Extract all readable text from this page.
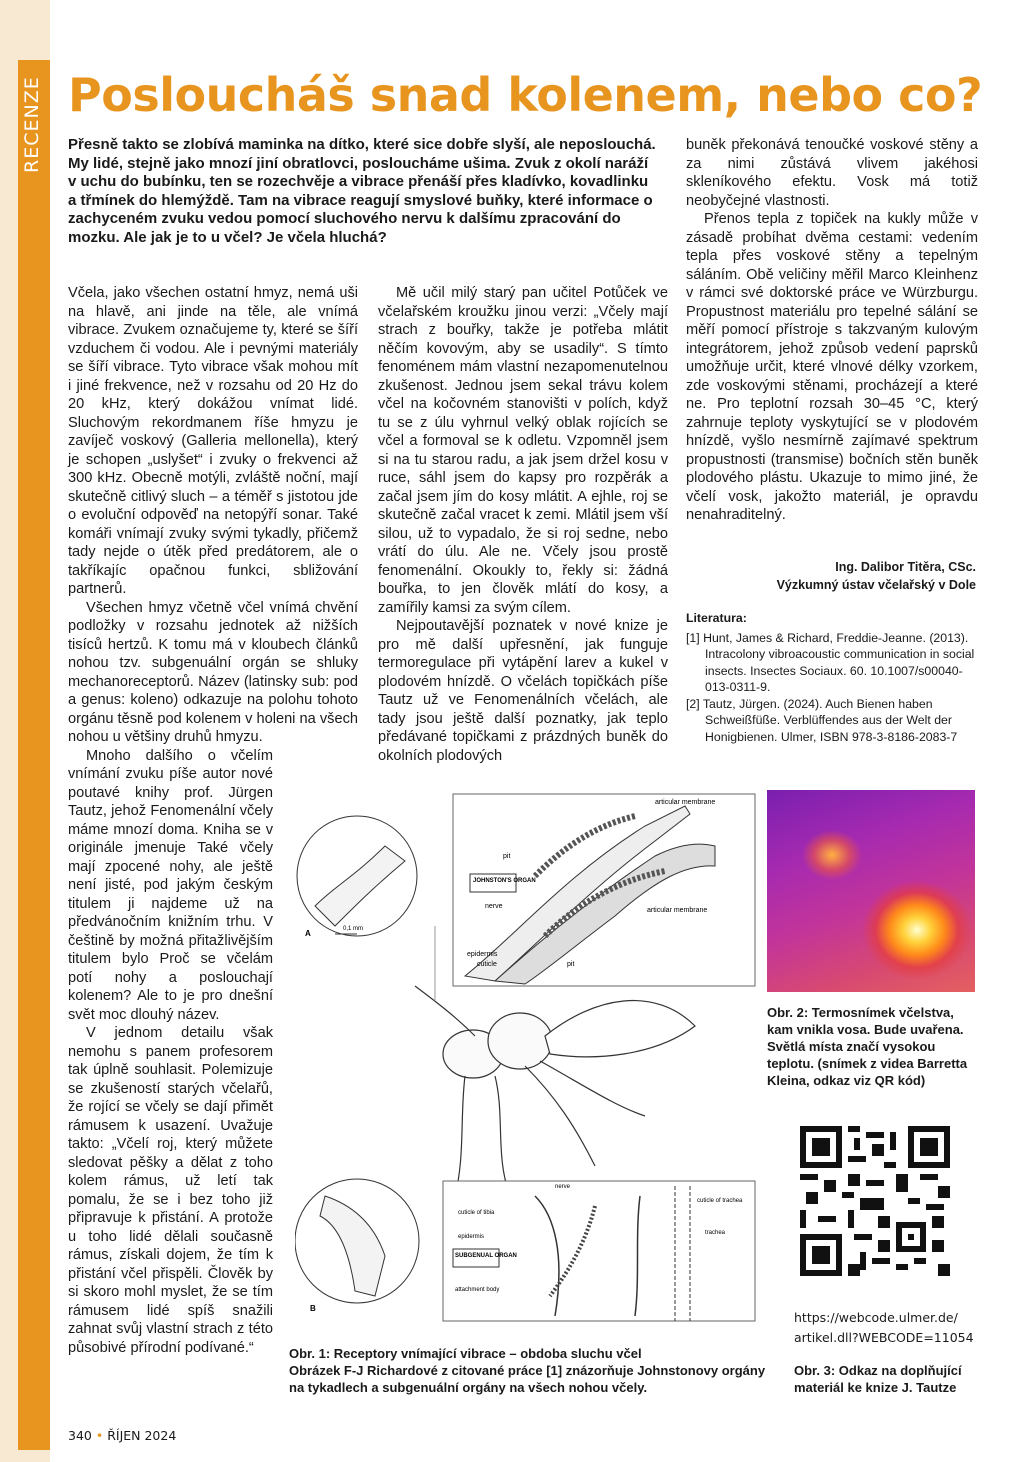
RECENZE Posloucháš snad kolenem, nebo co?
Přesně takto se zlobívá maminka na dítko, které sice dobře slyší, ale neposlouchá. My lidé, stejně jako mnozí jiní obratlovci, posloucháme ušima. Zvuk z okolí naráží v uchu do bubínku, ten se rozechvěje a vibrace přenáší přes kladívko, kovadlinku a třmínek do hlemýždě. Tam na vibrace reagují smyslové buňky, které informace o zachyceném zvuku vedou pomocí sluchového nervu k dalšímu zpracování do mozku. Ale jak je to u včel? Je včela hluchá?

Včela, jako všechen ostatní hmyz, nemá uši na hlavě, ani jinde na těle, ale vnímá vibrace. Zvukem označujeme ty, které se šíří vzduchem či vodou. Ale i pevnými materiály se šíří vibrace. Tyto vibrace však mohou mít i jiné frekvence, než v rozsahu od 20 Hz do 20 kHz, který dokážou vnímat lidé. Sluchovým rekordmanem říše hmyzu je zavíječ voskový (Galleria mellonella), který je schopen „uslyšet“ i zvuky o frekvenci až 300 kHz. Obecně motýli, zvláště noční, mají skutečně citlivý sluch – a téměř s jistotou jde o evoluční odpověď na netopýří sonar. Také komáři vnímají zvuky svými tykadly, přičemž tady nejde o útěk před predátorem, ale o takříkajíc opačnou funkci, sbližování partnerů.

Všechen hmyz včetně včel vnímá chvění podložky v rozsahu jednotek až nižších tisíců hertzů. K tomu má v kloubech článků nohou tzv. subgenuální orgán se shluky mechanoreceptorů. Název (latinsky sub: pod a genus: koleno) odkazuje na polohu tohoto orgánu těsně pod kolenem v holeni na všech nohou u většiny druhů hmyzu.

Mnoho dalšího o včelím vnímání zvuku píše autor nové poutavé knihy prof. Jürgen Tautz, jehož Fenomenální včely máme mnozí doma. Kniha se v originále jmenuje Také včely mají zpocené nohy, ale ještě není jisté, pod jakým českým titulem ji najdeme už na předvánočním knižním trhu. V češtině by možná přitažlivějším titulem bylo Proč se včelám potí nohy a poslouchají kolenem? Ale to je pro dnešní svět moc dlouhý název.

V jednom detailu však nemohu s panem profesorem tak úplně souhlasit. Polemizuje se zkušeností starých včelařů, že rojící se včely se dají přimět rámusem k usazení. Uvažuje takto: „Včelí roj, který můžete sledovat pěšky a dělat z toho kolem rámus, už letí tak pomalu, že se i bez toho již připravuje k přistání. A protože u toho lidé dělali současně rámus, získali dojem, že tím k přistání včel přispěli. Člověk by si skoro mohl myslet, že se tím rámusem lidé spíš snažili zahnat svůj vlastní strach z této působivé přírodní podívané.“

Mě učil milý starý pan učitel Potůček ve včelařském kroužku jinou verzi: „Včely mají strach z bouřky, takže je potřeba mlátit něčím kovovým, aby se usadily“. S tímto fenoménem mám vlastní nezapomenutelnou zkušenost. Jednou jsem sekal trávu kolem včel na kočovném stanovišti v polích, když tu se z úlu vyhrnul velký oblak rojících se včel a formoval se k odletu. Vzpomněl jsem si na tu starou radu, a jak jsem držel kosu v ruce, sáhl jsem do kapsy pro rozpěrák a začal jsem jím do kosy mlátit. A ejhle, roj se skutečně začal vracet k zemi. Mlátil jsem vší silou, už to vypadalo, že si roj sedne, nebo vrátí do úlu. Ale ne. Včely jsou prostě fenomenální. Okoukly to, řekly si: žádná bouřka, to jen člověk mlátí do kosy, a zamířily kamsi za svým cílem.

Nejpoutavější poznatek v nové knize je pro mě další upřesnění, jak funguje termoregulace při vytápění larev a kukel v plodovém hnízdě. O včelách topičkách píše Tautz už ve Fenomenálních včelách, ale tady jsou ještě další poznatky, jak teplo předávané topičkami z prázdných buněk do okolních plodových

buněk překonává tenoučké voskové stěny a za nimi zůstává vlivem jakéhosi skleníkového efektu. Vosk má totiž neobyčejné vlastnosti.

Přenos tepla z topiček na kukly může v zásadě probíhat dvěma cestami: vedením tepla přes voskové stěny a tepelným sáláním. Obě veličiny měřil Marco Kleinhenz v rámci své doktorské práce ve Würzburgu. Propustnost materiálu pro tepelné sálání se měří pomocí přístroje s takzvaným kulovým integrátorem, jehož způsob vedení paprsků umožňuje určit, které vlnové délky vzorkem, zde voskovými stěnami, procházejí a které ne. Pro teplotní rozsah 30–45 °C, který zahrnuje teploty vyskytující se v plodovém hnízdě, vyšlo nesmírně zajímavé spektrum propustnosti (transmise) bočních stěn buněk plodového plástu. Ukazuje to mimo jiné, že včelí vosk, jakožto materiál, je opravdu nenahraditelný.

Ing. Dalibor Titěra, CSc.
Výzkumný ústav včelařský v Dole
Literatura:

[1] Hunt, James & Richard, Freddie-Jeanne. (2013). Intracolony vibroacoustic communication in social insects. Insectes Sociaux. 60. 10.1007/s00040-013-0311-9.

[2] Tautz, Jürgen. (2024). Auch Bienen haben Schweißfüße. Verblüffendes aus der Welt der Honigbienen. Ulmer, ISBN 978-3-8186-2083-7

articular membrane
pit
JOHNSTON'S ORGAN
nerve
articular membrane
epidermis
cuticle	pit
0,1 mm
A
nerve
cuticle of tibia
cuticle of trachea
epidermis
trachea
SUBGENUAL ORGAN
attachment body
B
Obr. 1: Receptory vnímající vibrace – obdoba sluchu včel
Obrázek F-J Richardové z citované práce [1] znázorňuje Johnstonovy orgány na tykadlech a subgenuální orgány na všech nohou včely.
Obr. 2: Termosnímek včelstva, kam vnikla vosa. Bude uvařena. Světlá místa značí vysokou teplotu. (snímek z videa Barretta Kleina, odkaz viz QR kód)
https://webcode.ulmer.de/
artikel.dll?WEBCODE=11054
Obr. 3: Odkaz na doplňující materiál ke knize J. Tautze
340 • ŘÍJEN 2024
